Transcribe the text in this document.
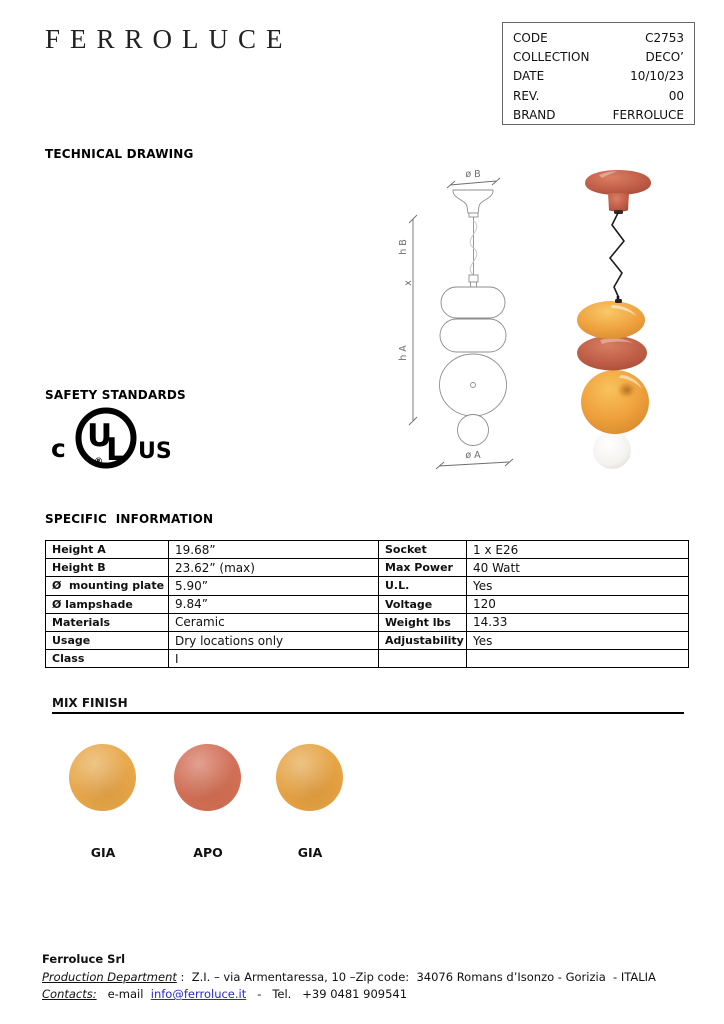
FERROLUCE	CODE	C2753
COLLECTION	DECO’
DATE	10/10/23
REV.	00
BRAND	FERROLUCE
TECHNICAL DRAWING
SAFETY STANDARDS
SPECIFIC  INFORMATION
ø B
ø A
h B
x
h A
U
L
®
c	US
Height A	19.68”	Socket	1 x E26
Height B	23.62” (max)	Max Power	40 Watt
Ø  mounting plate	5.90”	U.L.	Yes
Ø lampshade	9.84”	Voltage	120
Materials	Ceramic	Weight lbs	14.33
Usage	Dry locations only	Adjustability	Yes
Class	I		
MIX FINISH
GIA	APO	GIA
Ferroluce Srl
Production Department :  Z.I. – via Armentaressa, 10 –Zip code:  34076 Romans d’Isonzo - Gorizia  - ITALIA
Contacts:   e-mail  info@ferroluce.it   -   Tel.   +39 0481 909541
